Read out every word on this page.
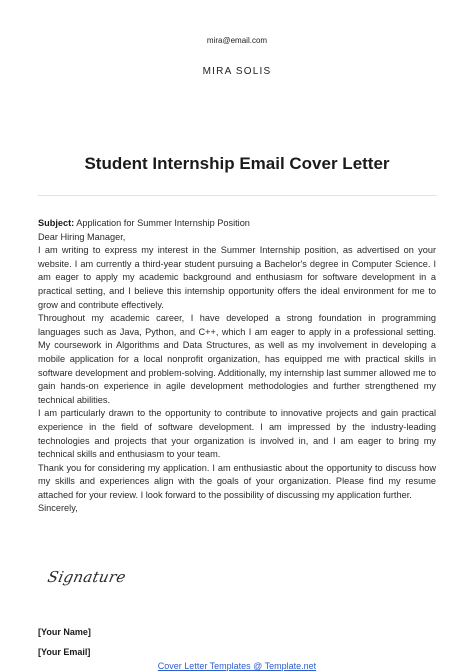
mira@email.com
MIRA SOLIS
Student Internship Email Cover Letter
Subject: Application for Summer Internship Position
Dear Hiring Manager,
I am writing to express my interest in the Summer Internship position, as advertised on your website. I am currently a third-year student pursuing a Bachelor's degree in Computer Science. I am eager to apply my academic background and enthusiasm for software development in a practical setting, and I believe this internship opportunity offers the ideal environment for me to grow and contribute effectively.
Throughout my academic career, I have developed a strong foundation in programming languages such as Java, Python, and C++, which I am eager to apply in a professional setting. My coursework in Algorithms and Data Structures, as well as my involvement in developing a mobile application for a local nonprofit organization, has equipped me with practical skills in software development and problem-solving. Additionally, my internship last summer allowed me to gain hands-on experience in agile development methodologies and further strengthened my technical abilities.
I am particularly drawn to the opportunity to contribute to innovative projects and gain practical experience in the field of software development. I am impressed by the industry-leading technologies and projects that your organization is involved in, and I am eager to bring my technical skills and enthusiasm to your team.
Thank you for considering my application. I am enthusiastic about the opportunity to discuss how my skills and experiences align with the goals of your organization. Please find my resume attached for your review. I look forward to the possibility of discussing my application further.
Sincerely,
Signature
[Your Name]
[Your Email]
Cover Letter Templates @ Template.net
